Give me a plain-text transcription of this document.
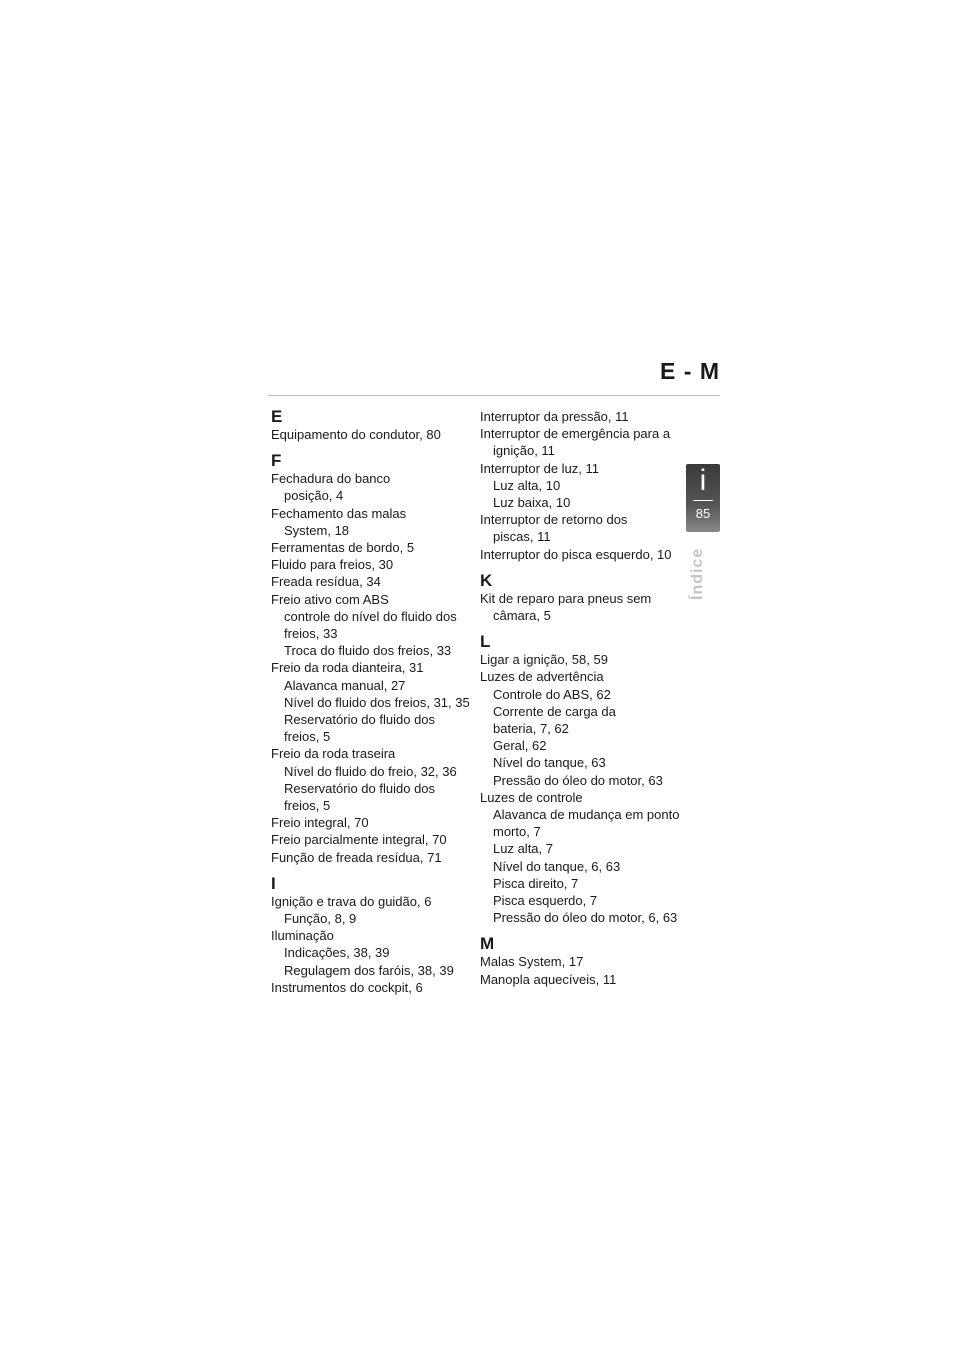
E - M
i
85
Índice
E
Equipamento do condutor, 80
F
Fechadura do banco
posição, 4
Fechamento das malas
System, 18
Ferramentas de bordo, 5
Fluido para freios, 30
Freada resídua, 34
Freio ativo com ABS
controle do nível do fluido dos
freios, 33
Troca do fluido dos freios, 33
Freio da roda dianteira, 31
Alavanca manual, 27
Nível do fluido dos freios, 31, 35
Reservatório do fluido dos
freios, 5
Freio da roda traseira
Nível do fluido do freio, 32, 36
Reservatório do fluido dos
freios, 5
Freio integral, 70
Freio parcialmente integral, 70
Função de freada resídua, 71
I
Ignição e trava do guidão, 6
Função, 8, 9
Iluminação
Indicações, 38, 39
Regulagem dos faróis, 38, 39
Instrumentos do cockpit, 6
Interruptor da pressão, 11
Interruptor de emergência para a
ignição, 11
Interruptor de luz, 11
Luz alta, 10
Luz baixa, 10
Interruptor de retorno dos
piscas, 11
Interruptor do pisca esquerdo, 10
K
Kit de reparo para pneus sem
câmara, 5
L
Ligar a ignição, 58, 59
Luzes de advertência
Controle do ABS, 62
Corrente de carga da
bateria, 7, 62
Geral, 62
Nível do tanque, 63
Pressão do óleo do motor, 63
Luzes de controle
Alavanca de mudança em ponto
morto, 7
Luz alta, 7
Nível do tanque, 6, 63
Pisca direito, 7
Pisca esquerdo, 7
Pressão do óleo do motor, 6, 63
M
Malas System, 17
Manopla aquecíveis, 11
